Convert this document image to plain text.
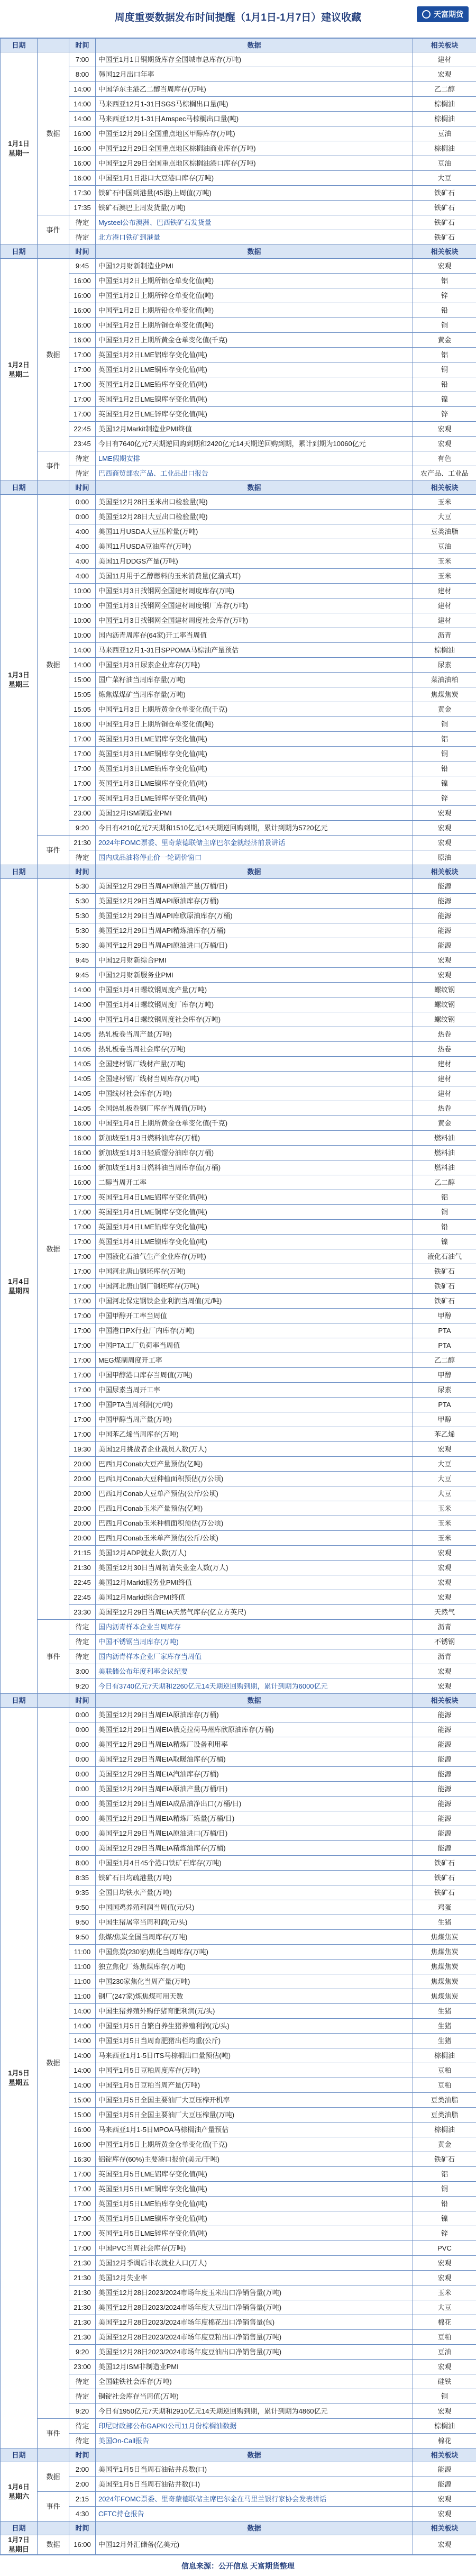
周度重要数据发布时间提醒（1月1日-1月7日）建议收藏	天富期货
日期		时间	数据	相关板块
1月1日
星期一	数据	7:00	中国至1月1日铜期货库存全国城市总库存(万吨)	建材
		8:00	韩国12月出口年率	宏观
		14:00	中国华东主港乙二醇当周库存(万吨)	乙二醇
		14:00	马来西亚12月1-31日SGS马棕榈出口量(吨)	棕榈油
		14:00	马来西亚12月1-31日Amspec马棕榈出口量(吨)	棕榈油
		16:00	中国至12月29日全国重点地区甲醇库存(万吨)	豆油
		16:00	中国至12月29日全国重点地区棕榈油商业库存(万吨)	棕榈油
		16:00	中国至12月29日全国重点地区棕榈油港口库存(万吨)	豆油
		16:00	中国至1月1日港口大豆港口库存(万吨)	大豆
		17:30	铁矿石中国到港量(45港)上周值(万吨)	铁矿石
		17:35	铁矿石澳巴上周发货量(万吨)	铁矿石
	事件	待定	Mysteel公布澳洲、巴西铁矿石发货量	铁矿石
		待定	北方港口铁矿到港量	铁矿石
日期		时间	数据	相关板块
1月2日
星期二	数据	9:45	中国12月财新制造业PMI	宏观
		16:00	中国至1月2日上期所铝仓单变化值(吨)	铝
		16:00	中国至1月2日上期所锌仓单变化值(吨)	锌
		16:00	中国至1月2日上期所铅仓单变化值(吨)	铅
		16:00	中国至1月2日上期所铜仓单变化值(吨)	铜
		16:00	中国至1月2日上期所黄金仓单变化值(千克)	黄金
		17:00	英国至1月2日LME铝库存变化值(吨)	铝
		17:00	英国至1月2日LME铜库存变化值(吨)	铜
		17:00	英国至1月2日LME铅库存变化值(吨)	铅
		17:00	英国至1月2日LME镍库存变化值(吨)	镍
		17:00	英国至1月2日LME锌库存变化值(吨)	锌
		22:45	美国12月Markit制造业PMI终值	宏观
		23:45	今日有7640亿元7天期逆回购到期和2420亿元14天期逆回购到期，累计到期为10060亿元	宏观
	事件	待定	LME假期安排	有色
		待定	巴西商贸部农产品、工业品出口报告	农产品、工业品
日期		时间	数据	相关板块
1月3日
星期三	数据	0:00	美国至12月28日玉米出口检验量(吨)	玉米
		0:00	美国至12月28日大豆出口检验量(吨)	大豆
		4:00	美国11月USDA大豆压榨量(万吨)	豆类油脂
		4:00	美国11月USDA豆油库存(万吨)	豆油
		4:00	美国11月DDGS产量(万吨)	玉米
		4:00	美国11月用于乙醇燃料的玉米消费量(亿蒲式耳)	玉米
		10:00	中国至1月3日找钢网全国建材周度库存(万吨)	建材
		10:00	中国至1月3日找钢网全国建材周度钢厂库存(万吨)	建材
		10:00	中国至1月3日找钢网全国建材周度社会库存(万吨)	建材
		10:00	国内沥青周库存(64家)开工率当周值	沥青
		14:00	马来西亚12月1-31日SPPOMA马棕油产量预估	棕榈油
		14:00	中国至1月3日尿素企业库存(万吨)	尿素
		15:00	国广菜籽油当周库存量(万吨)	菜油油粕
		15:05	炼焦煤煤矿当周库存量(万吨)	焦煤焦炭
		15:05	中国至1月3日上期所黄金仓单变化值(千克)	黄金
		16:00	中国至1月3日上期所铜仓单变化值(吨)	铜
		17:00	英国至1月3日LME铝库存变化值(吨)	铝
		17:00	英国至1月3日LME铜库存变化值(吨)	铜
		17:00	英国至1月3日LME铅库存变化值(吨)	铅
		17:00	英国至1月3日LME镍库存变化值(吨)	镍
		17:00	英国至1月3日LME锌库存变化值(吨)	锌
		23:00	美国12月ISM制造业PMI	宏观
		9:20	今日有4210亿元7天期和1510亿元14天期逆回购到期，累计到期为5720亿元	宏观
	事件	21:30	2024年FOMC票委、里奇蒙德联储主席巴尔金就经济前景讲话	宏观
		待定	国内成品油将停止价一轮调价窗口	原油
日期		时间	数据	相关板块
1月4日
星期四	数据	5:30	美国至12月29日当周API原油产量(万桶/日)	能源
		5:30	美国至12月29日当周API原油库存(万桶)	能源
		5:30	美国至12月29日当周API库欣原油库存(万桶)	能源
		5:30	美国至12月29日当周API精炼油库存(万桶)	能源
		5:30	美国至12月29日当周API原油进口(万桶/日)	能源
		9:45	中国12月财新综合PMI	宏观
		9:45	中国12月财新服务业PMI	宏观
		14:00	中国至1月4日螺纹钢周度产量(万吨)	螺纹钢
		14:00	中国至1月4日螺纹钢周度厂库存(万吨)	螺纹钢
		14:00	中国至1月4日螺纹钢周度社会库存(万吨)	螺纹钢
		14:05	热轧板卷当周产量(万吨)	热卷
		14:05	热轧板卷当周社会库存(万吨)	热卷
		14:05	全国建材钢厂线材产量(万吨)	建材
		14:05	全国建材钢厂线材当周库存(万吨)	建材
		14:05	中国线材社会库存(万吨)	建材
		14:05	全国热轧板卷钢厂库存当周值(万吨)	热卷
		16:00	中国至1月4日上期所黄金仓单变化值(千克)	黄金
		16:00	新加坡至1月3日燃料油库存(万桶)	燃料油
		16:00	新加坡至1月3日轻质馏分油库存(万桶)	燃料油
		16:00	新加坡至1月3日燃料油当周库存值(万桶)	燃料油
		16:00	二醇当周开工率	乙二醇
		17:00	英国至1月4日LME铝库存变化值(吨)	铝
		17:00	英国至1月4日LME铜库存变化值(吨)	铜
		17:00	英国至1月4日LME铅库存变化值(吨)	铅
		17:00	英国至1月4日LME镍库存变化值(吨)	镍
		17:00	中国液化石油气生产企业库存(万吨)	液化石油气
		17:00	中国河北唐山钢坯库存(万吨)	铁矿石
		17:00	中国河北唐山钢厂钢坯库存(万吨)	铁矿石
		17:00	中国河北保定钢铁企业利润当周值(元/吨)	铁矿石
		17:00	中国甲醇开工率当周值	甲醇
		17:00	中国港口PX行业厂内库存(万吨)	PTA
		17:00	中国PTA工厂负荷率当周值	PTA
		17:00	MEG煤制周度开工率	乙二醇
		17:00	中国甲醇港口库存当周值(万吨)	甲醇
		17:00	中国尿素当周开工率	尿素
		17:00	中国PTA当周利润(元/吨)	PTA
		17:00	中国甲醇当周产量(万吨)	甲醇
		17:00	中国苯乙烯当周库存(万吨)	苯乙烯
		19:30	美国12月挑战者企业裁员人数(万人)	宏观
		20:00	巴西1月Conab大豆产量预估(亿吨)	大豆
		20:00	巴西1月Conab大豆种植面积预估(万公顷)	大豆
		20:00	巴西1月Conab大豆单产预估(公斤/公顷)	大豆
		20:00	巴西1月Conab玉米产量预估(亿吨)	玉米
		20:00	巴西1月Conab玉米种植面积预估(万公顷)	玉米
		20:00	巴西1月Conab玉米单产预估(公斤/公顷)	玉米
		21:15	美国12月ADP就业人数(万人)	宏观
		21:30	美国至12月30日当周初请失业金人数(万人)	宏观
		22:45	美国12月Markit服务业PMI终值	宏观
		22:45	美国12月Markit综合PMI终值	宏观
		23:30	美国至12月29日当周EIA天然气库存(亿立方英尺)	天然气
	事件	待定	国内沥青样本企业当周库存	沥青
		待定	中国不锈钢当周库存(万吨)	不锈钢
		待定	国内沥青样本企业厂家库存当周值	沥青
		3:00	美联储公布年度利率会议纪要	宏观
		9:20	今日有3740亿元7天期和2260亿元14天期逆回购到期，累计到期为6000亿元	宏观
日期		时间	数据	相关板块
1月5日
星期五	数据	0:00	美国至12月29日当周EIA原油库存(万桶)	能源
		0:00	美国至12月29日当周EIA俄克拉荷马州库欣原油库存(万桶)	能源
		0:00	美国至12月29日当周EIA精炼厂设备利用率	能源
		0:00	美国至12月29日当周EIA取暖油库存(万桶)	能源
		0:00	美国至12月29日当周EIA汽油库存(万桶)	能源
		0:00	美国至12月29日当周EIA原油产量(万桶/日)	能源
		0:00	美国至12月29日当周EIA成品油净出口(万桶/日)	能源
		0:00	美国至12月29日当周EIA精炼厂炼量(万桶/日)	能源
		0:00	美国至12月29日当周EIA原油进口(万桶/日)	能源
		0:00	美国至12月29日当周EIA精炼油库存(万桶)	能源
		8:00	中国至1月4日45个港口铁矿石库存(万吨)	铁矿石
		8:35	铁矿石日均疏港量(万吨)	铁矿石
		9:35	全国日均铁水产量(万吨)	铁矿石
		9:50	中国国鸡养殖利润当周值(元/只)	鸡蛋
		9:50	中国生猪屠宰当周利润(元/头)	生猪
		9:50	焦煤/焦炭全国当周库存(万吨)	焦煤焦炭
		11:00	中国焦炭(230家)焦化当周库存(万吨)	焦煤焦炭
		11:00	独立焦化厂炼焦煤库存(万吨)	焦煤焦炭
		11:00	中国230家焦化当周产量(万吨)	焦煤焦炭
		11:00	钢厂(247家)炼焦煤可用天数	焦煤焦炭
		14:00	中国生猪养殖外购仔猪育肥利润(元/头)	生猪
		14:00	中国至1月5日自繁自养生猪养殖利润(元/头)	生猪
		14:00	中国至1月5日当周育肥猪出栏均重(公斤)	生猪
		14:00	马来西亚1月1-5日ITS马棕榈出口量预估(吨)	棕榈油
		14:00	中国至1月5日豆粕周度库存(万吨)	豆粕
		14:00	中国至1月5日豆粕当周产量(万吨)	豆粕
		15:00	中国至1月5日全国主要油厂大豆压榨开机率	豆类油脂
		15:00	中国至1月5日全国主要油厂大豆压榨量(万吨)	豆类油脂
		16:00	马来西亚1月1-5日MPOA马棕榈油产量预估	棕榈油
		16:00	中国至1月5日上期所黄金仓单变化值(千克)	黄金
		16:30	铝锭库存(60%)主要港口报价(美元/干吨)	铁矿石
		17:00	英国至1月5日LME铝库存变化值(吨)	铝
		17:00	英国至1月5日LME铜库存变化值(吨)	铜
		17:00	英国至1月5日LME铅库存变化值(吨)	铅
		17:00	英国至1月5日LME镍库存变化值(吨)	镍
		17:00	英国至1月5日LME锌库存变化值(吨)	锌
		17:00	中国PVC当周社会库存(万吨)	PVC
		21:30	美国12月季调后非农就业人口(万人)	宏观
		21:30	美国12月失业率	宏观
		21:30	美国至12月28日2023/2024市场年度玉米出口净销售量(万吨)	玉米
		21:30	美国至12月28日2023/2024市场年度大豆出口净销售量(万吨)	大豆
		21:30	美国至12月28日2023/2024市场年度棉花出口净销售量(包)	棉花
		21:30	美国至12月28日2023/2024市场年度豆粕出口净销售量(万吨)	豆粕
		9:20	美国至12月28日2023/2024市场年度豆油出口净销售量(万吨)	豆油
		23:00	美国12月ISM非制造业PMI	宏观
		待定	全国硅铁社会库存(万吨)	硅铁
		待定	铜锭社会库存当周值(万吨)	铜
		9:20	今日有1950亿元7天期和2910亿元14天期逆回购到期，累计到期为4860亿元	宏观
	事件	待定	印尼财政部公布GAPKI公司11月份棕榈油数据	棕榈油
		待定	美国On-Call报告	棉花
日期		时间	数据	相关板块
1月6日
星期六	数据	2:00	美国至1月5日当周石油钻井总数(口)	能源
		2:00	美国至1月5日当周石油钻井数(口)	能源
	事件	2:15	2024年FOMC票委、里奇蒙德联储主席巴尔金在马里兰银行家协会发表讲话	宏观
		4:30	CFTC持仓报告	宏观
日期		时间	数据	相关板块
1月7日
星期日	数据	16:00	中国12月外汇储备(亿美元)	宏观
信息来源：公开信息 天富期货整理
